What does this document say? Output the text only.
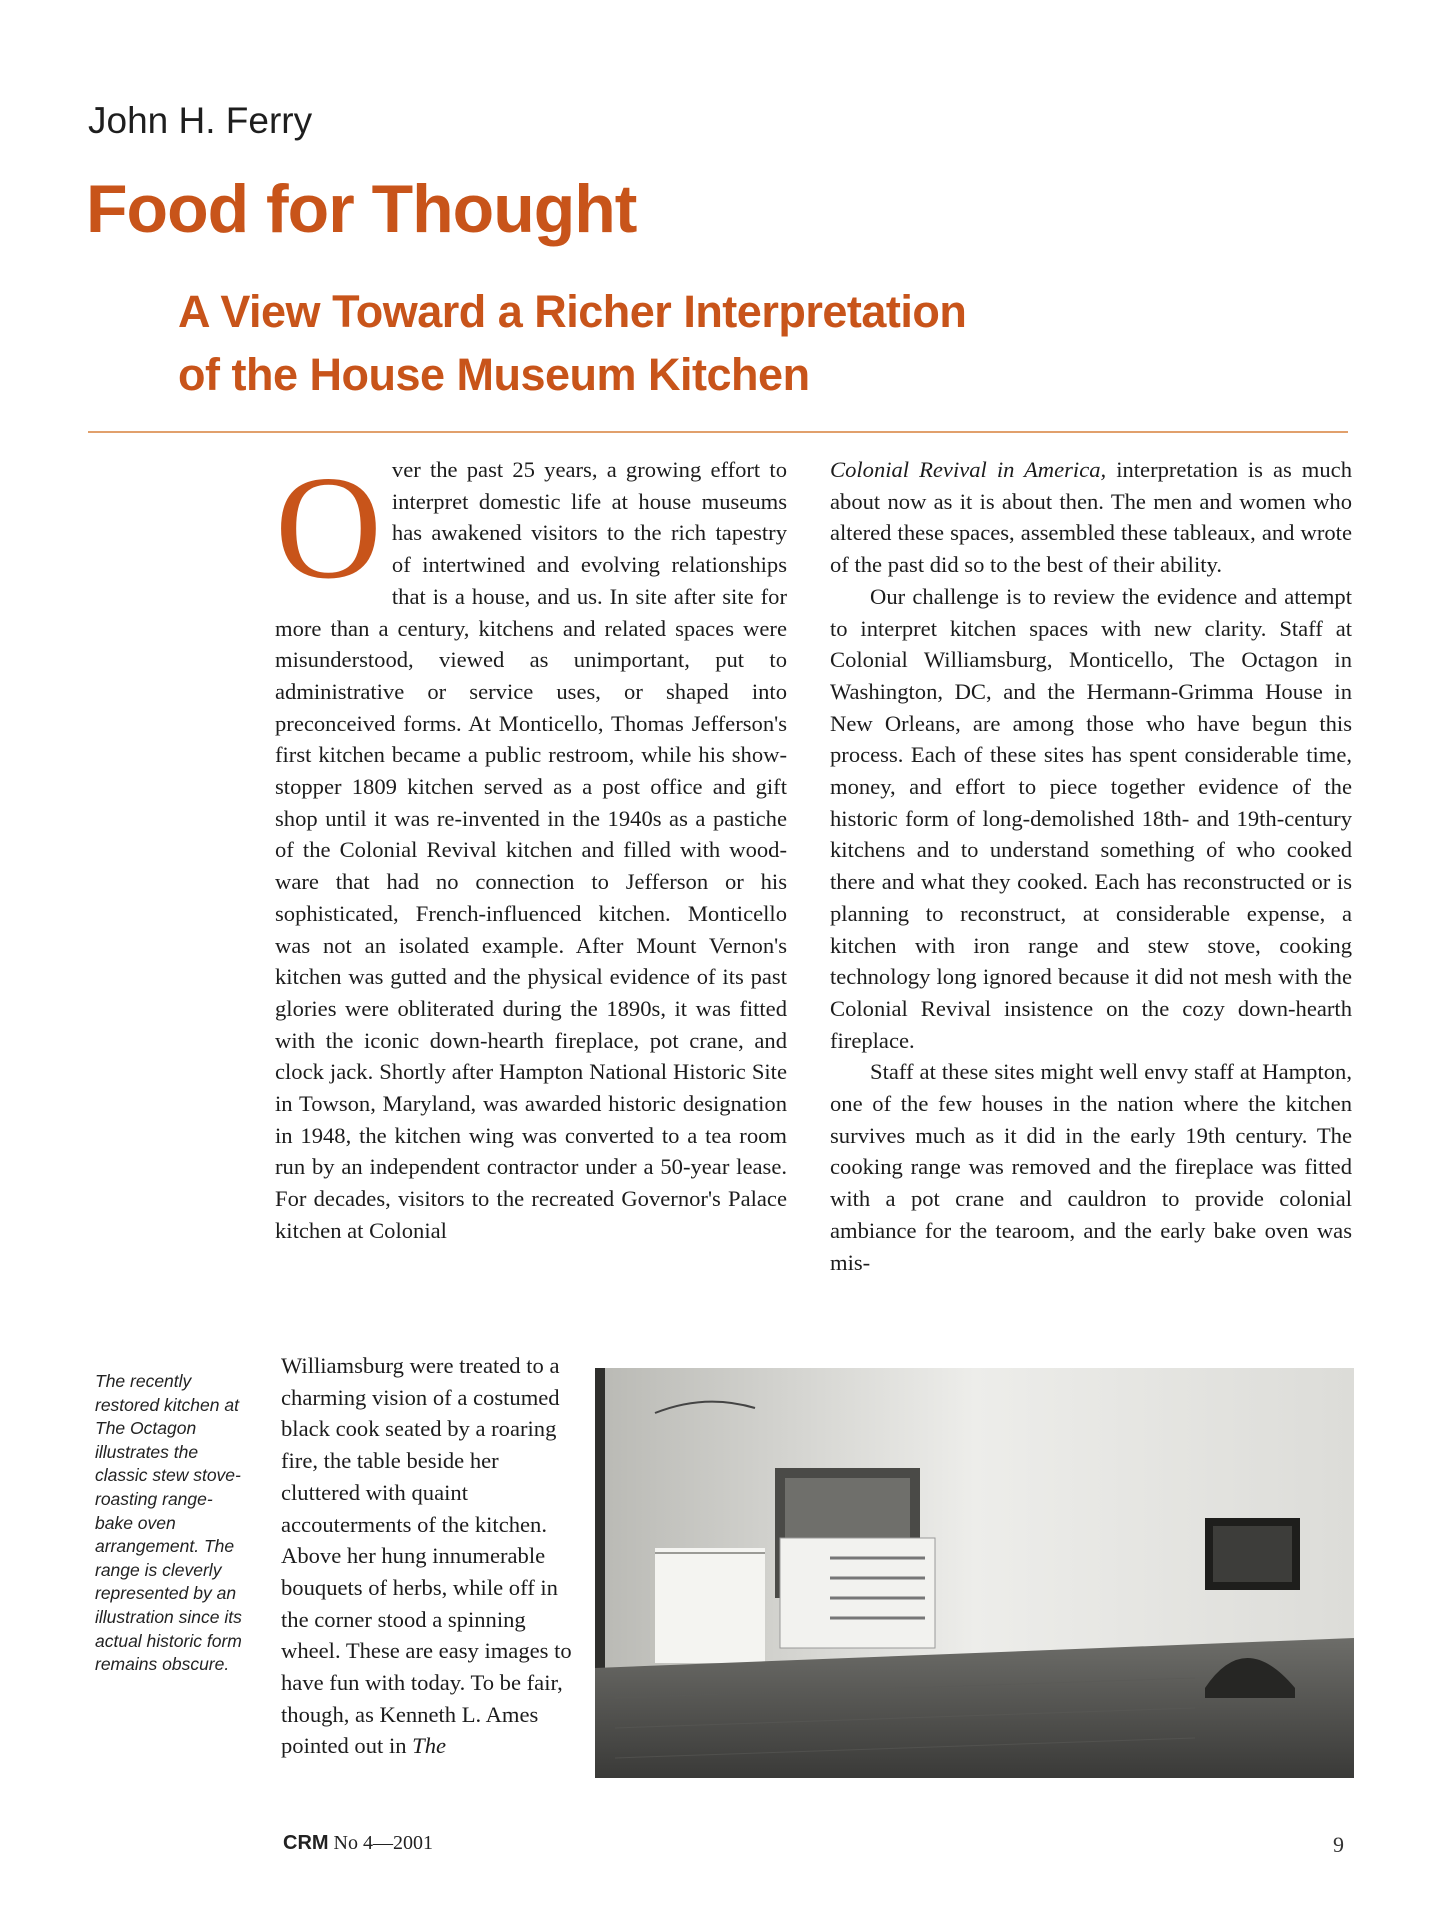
John H. Ferry
Food for Thought
A View Toward a Richer Interpretation
of the House Museum Kitchen

Over the past 25 years, a growing effort to interpret domestic life at house museums has awakened visitors to the rich tapestry of intertwined and evolving relationships that is a house, and us. In site after site for more than a century, kitchens and related spaces were misunderstood, viewed as unimportant, put to administrative or service uses, or shaped into preconceived forms. At Monticello, Thomas Jefferson's first kitchen became a public restroom, while his show-stopper 1809 kitchen served as a post office and gift shop until it was re-invented in the 1940s as a pastiche of the Colonial Revival kitchen and filled with wood-ware that had no connection to Jefferson or his sophisticated, French-influenced kitchen. Monticello was not an isolated example. After Mount Vernon's kitchen was gutted and the physical evidence of its past glories were obliterated during the 1890s, it was fitted with the iconic down-hearth fireplace, pot crane, and clock jack. Shortly after Hampton National Historic Site in Towson, Maryland, was awarded historic designation in 1948, the kitchen wing was converted to a tea room run by an independent contractor under a 50-year lease. For decades, visitors to the recreated Governor's Palace kitchen at Colonial

Williamsburg were treated to a charming vision of a costumed black cook seated by a roaring fire, the table beside her cluttered with quaint accouterments of the kitchen. Above her hung innumerable bouquets of herbs, while off in the corner stood a spinning wheel. These are easy images to have fun with today. To be fair, though, as Kenneth L. Ames pointed out in The

Colonial Revival in America, interpretation is as much about now as it is about then. The men and women who altered these spaces, assembled these tableaux, and wrote of the past did so to the best of their ability.

Our challenge is to review the evidence and attempt to interpret kitchen spaces with new clarity. Staff at Colonial Williamsburg, Monticello, The Octagon in Washington, DC, and the Hermann-Grimma House in New Orleans, are among those who have begun this process. Each of these sites has spent considerable time, money, and effort to piece together evidence of the historic form of long-demolished 18th- and 19th-century kitchens and to understand something of who cooked there and what they cooked. Each has reconstructed or is planning to reconstruct, at considerable expense, a kitchen with iron range and stew stove, cooking technology long ignored because it did not mesh with the Colonial Revival insistence on the cozy down-hearth fireplace.

Staff at these sites might well envy staff at Hampton, one of the few houses in the nation where the kitchen survives much as it did in the early 19th century. The cooking range was removed and the fireplace was fitted with a pot crane and cauldron to provide colonial ambiance for the tearoom, and the early bake oven was mis-

The recently restored kitchen at The Octagon illustrates the classic stew stove-roasting range-bake oven arrangement. The range is cleverly represented by an illustration since its actual historic form remains obscure.
CRM No 4—2001	9
